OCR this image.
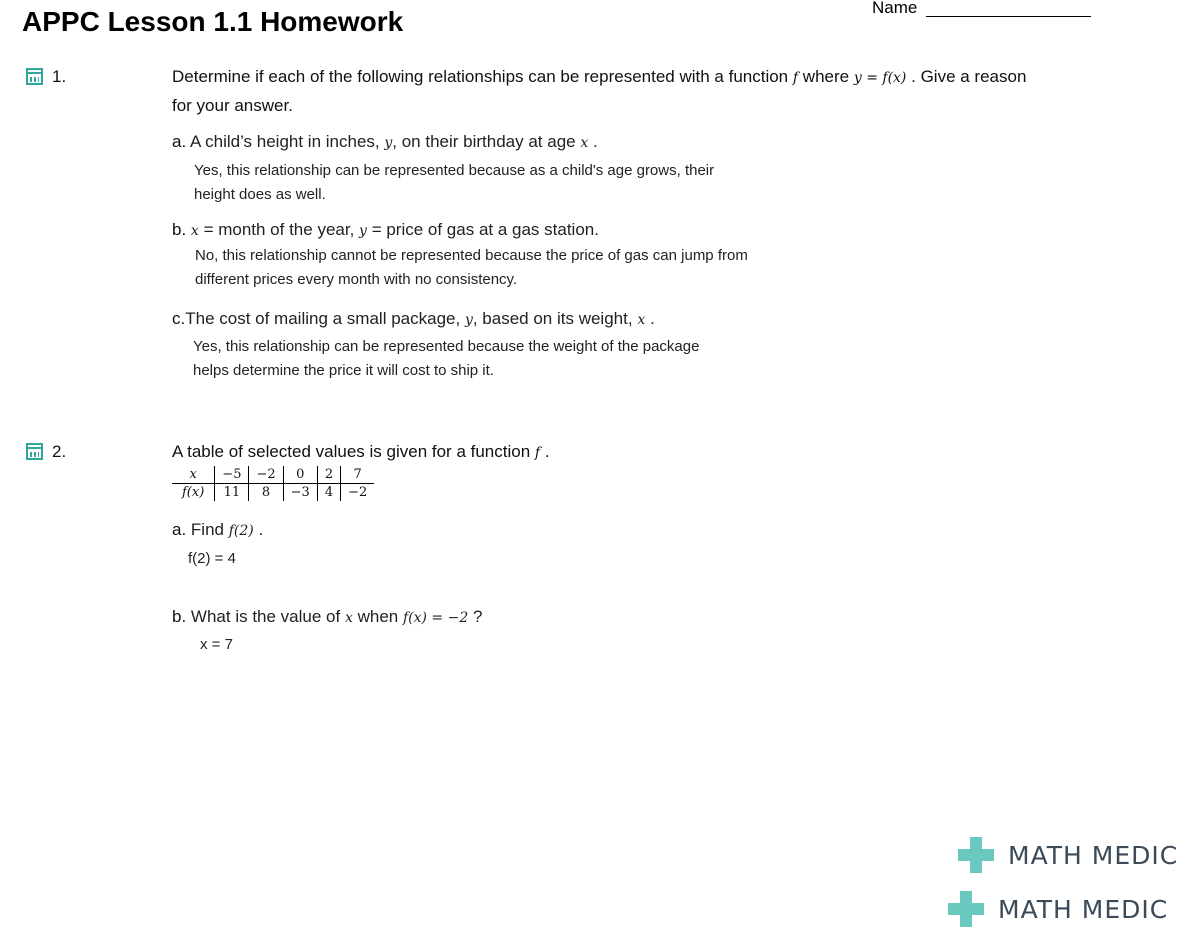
APPC Lesson 1.1 Homework	Name
1.	Determine if each of the following relationships can be represented with a function f where y = f(x) . Give a reason
for your answer.
a. A child’s height in inches, y, on their birthday at age x .
Yes, this relationship can be represented because as a child's age grows, their
height does as well.
b. x = month of the year, y = price of gas at a gas station.
No, this relationship cannot be represented because the price of gas can jump from
different prices every month with no consistency.
c.The cost of mailing a small package, y, based on its weight, x .
Yes, this relationship can be represented because the weight of the package
helps determine the price it will cost to ship it.
2.	A table of selected values is given for a function f .
x	−5	−2	0	2	7
f(x)	11	8	−3	4	−2
a. Find f(2) .
f(2) = 4
b. What is the value of x when f(x) = −2 ?
x = 7
MATH MEDIC
MATH MEDIC
